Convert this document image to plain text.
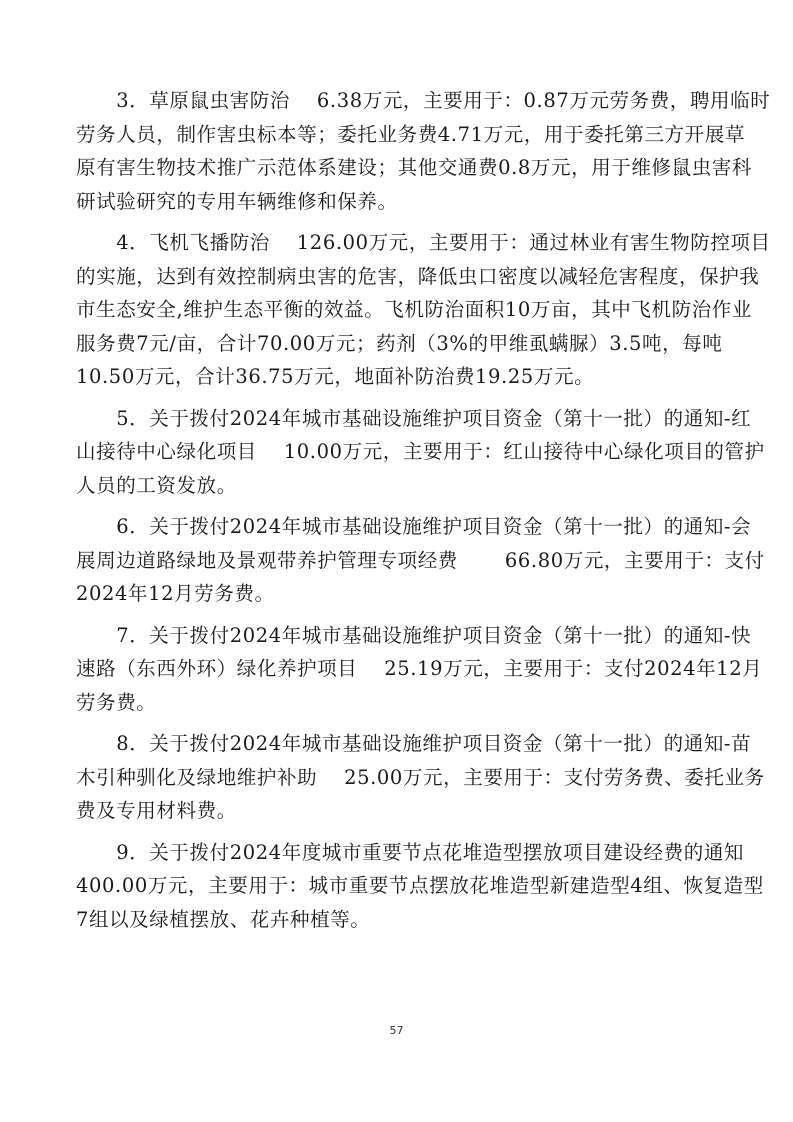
　　3．草原鼠虫害防治　 6.38万元，主要用于：0.87万元劳务费，聘用临时
劳务人员，制作害虫标本等；委托业务费4.71万元，用于委托第三方开展草
原有害生物技术推广示范体系建设；其他交通费0.8万元，用于维修鼠虫害科
研试验研究的专用车辆维修和保养。
　　4．飞机飞播防治　 126.00万元，主要用于：通过林业有害生物防控项目
的实施，达到有效控制病虫害的危害，降低虫口密度以减轻危害程度，保护我
市生态安全,维护生态平衡的效益。飞机防治面积10万亩，其中飞机防治作业
服务费7元/亩，合计70.00万元；药剂（3%的甲维虱螨脲）3.5吨，每吨
10.50万元，合计36.75万元，地面补防治费19.25万元。
　　5．关于拨付2024年城市基础设施维护项目资金（第十一批）的通知-红
山接待中心绿化项目　 10.00万元，主要用于：红山接待中心绿化项目的管护
人员的工资发放。
　　6．关于拨付2024年城市基础设施维护项目资金（第十一批）的通知-会
展周边道路绿地及景观带养护管理专项经费　　 66.80万元，主要用于：支付
2024年12月劳务费。
　　7．关于拨付2024年城市基础设施维护项目资金（第十一批）的通知-快
速路（东西外环）绿化养护项目　 25.19万元，主要用于：支付2024年12月
劳务费。
　　8．关于拨付2024年城市基础设施维护项目资金（第十一批）的通知-苗
木引种驯化及绿地维护补助　 25.00万元，主要用于：支付劳务费、委托业务
费及专用材料费。
　　9．关于拨付2024年度城市重要节点花堆造型摆放项目建设经费的通知
400.00万元，主要用于：城市重要节点摆放花堆造型新建造型4组、恢复造型
7组以及绿植摆放、花卉种植等。
57
